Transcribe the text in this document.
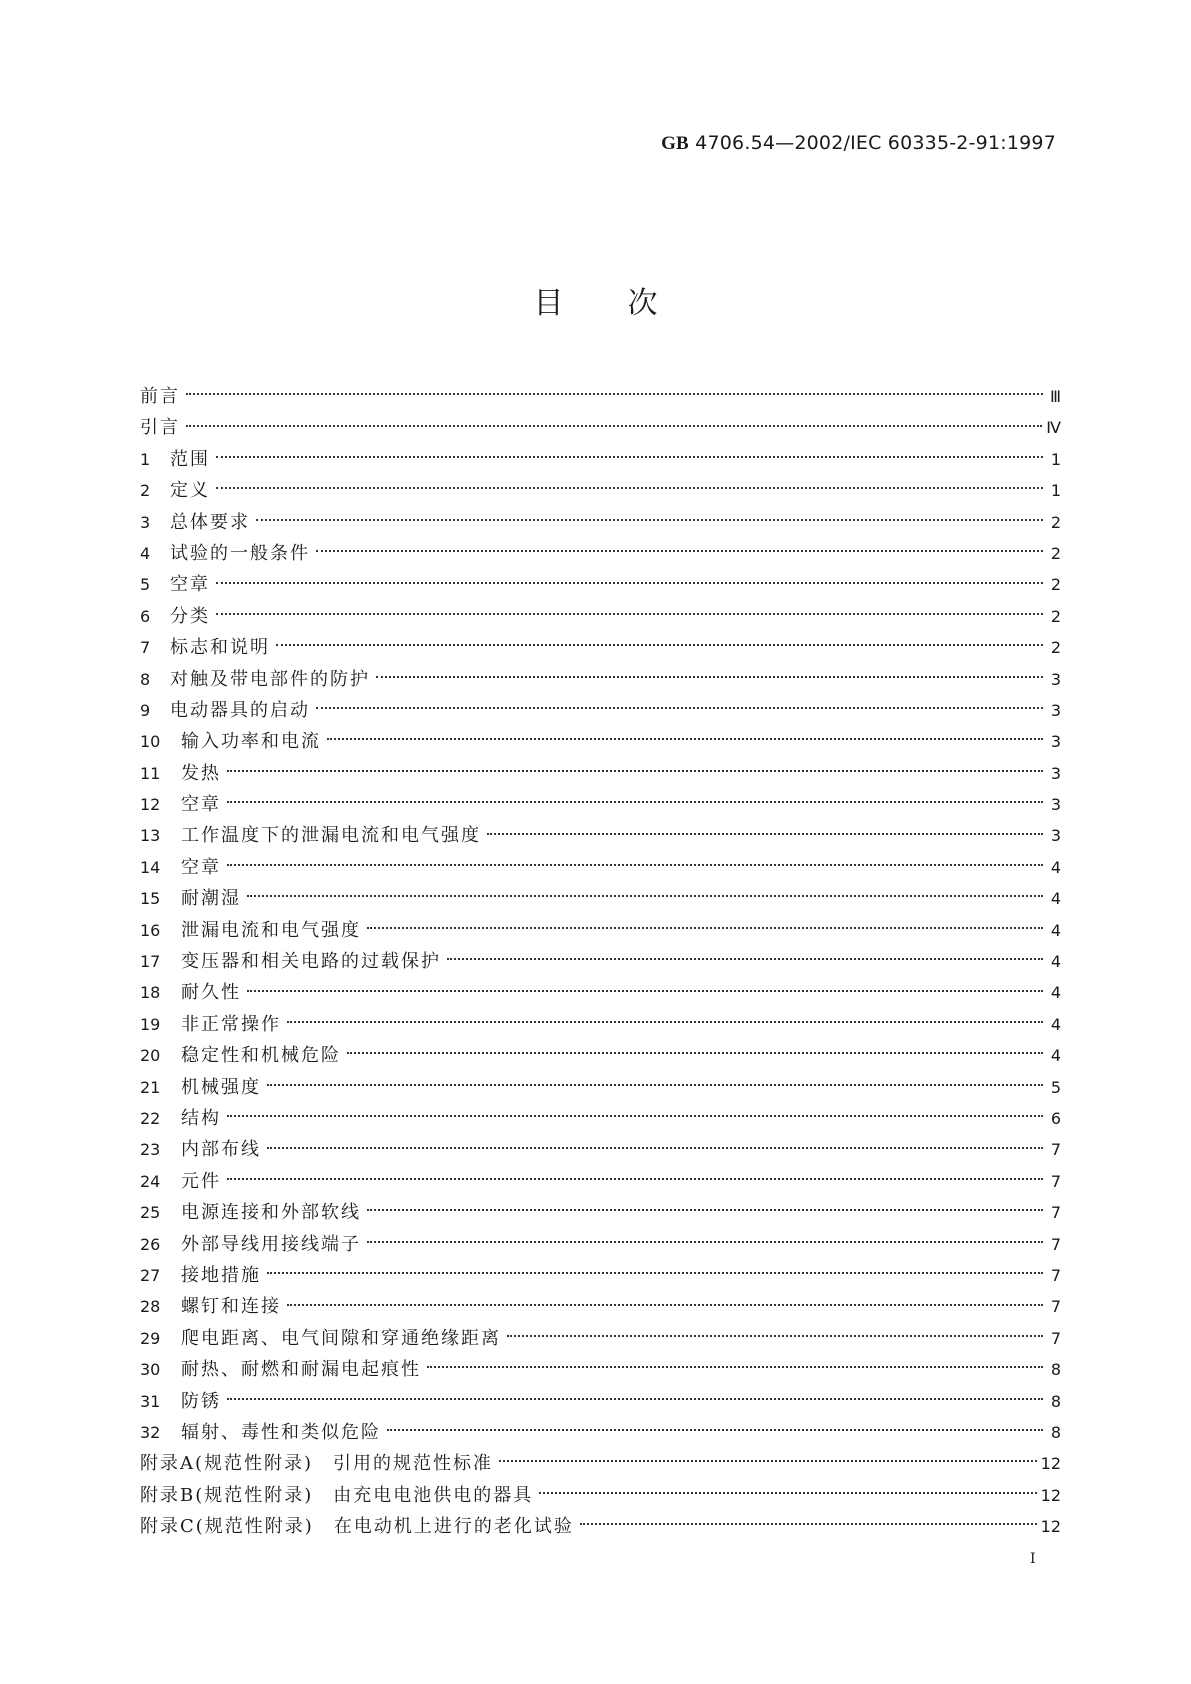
GB 4706.54—2002/IEC 60335-2-91:1997
目次
前言	Ⅲ
引言	Ⅳ
1	范围	1
2	定义	1
3	总体要求	2
4	试验的一般条件	2
5	空章	2
6	分类	2
7	标志和说明	2
8	对触及带电部件的防护	3
9	电动器具的启动	3
10	输入功率和电流	3
11	发热	3
12	空章	3
13	工作温度下的泄漏电流和电气强度	3
14	空章	4
15	耐潮湿	4
16	泄漏电流和电气强度	4
17	变压器和相关电路的过载保护	4
18	耐久性	4
19	非正常操作	4
20	稳定性和机械危险	4
21	机械强度	5
22	结构	6
23	内部布线	7
24	元件	7
25	电源连接和外部软线	7
26	外部导线用接线端子	7
27	接地措施	7
28	螺钉和连接	7
29	爬电距离、电气间隙和穿通绝缘距离	7
30	耐热、耐燃和耐漏电起痕性	8
31	防锈	8
32	辐射、毒性和类似危险	8
附录A(规范性附录)　引用的规范性标准	12
附录B(规范性附录)　由充电电池供电的器具	12
附录C(规范性附录)　在电动机上进行的老化试验	12
I
